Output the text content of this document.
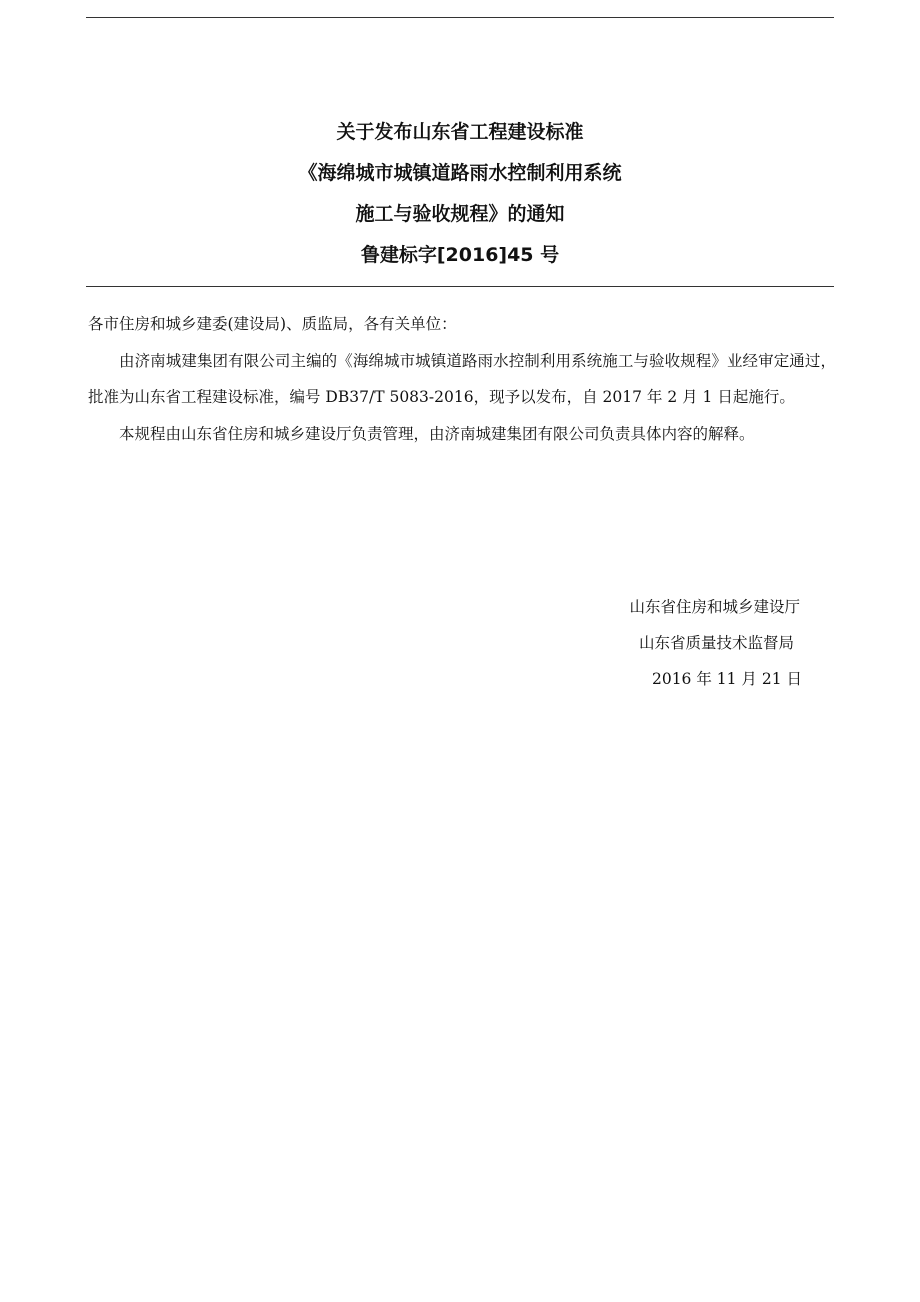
关于发布山东省工程建设标准
《海绵城市城镇道路雨水控制利用系统
施工与验收规程》的通知
鲁建标字[2016]45 号

各市住房和城乡建委(建设局)、质监局，各有关单位：

由济南城建集团有限公司主编的《海绵城市城镇道路雨水控制利用系统施工与验收规程》业经审定通过，批准为山东省工程建设标准，编号 DB37/T 5083-2016，现予以发布，自 2017 年 2 月 1 日起施行。

本规程由山东省住房和城乡建设厅负责管理，由济南城建集团有限公司负责具体内容的解释。

山东省住房和城乡建设厅
山东省质量技术监督局
2016 年 11 月 21 日
